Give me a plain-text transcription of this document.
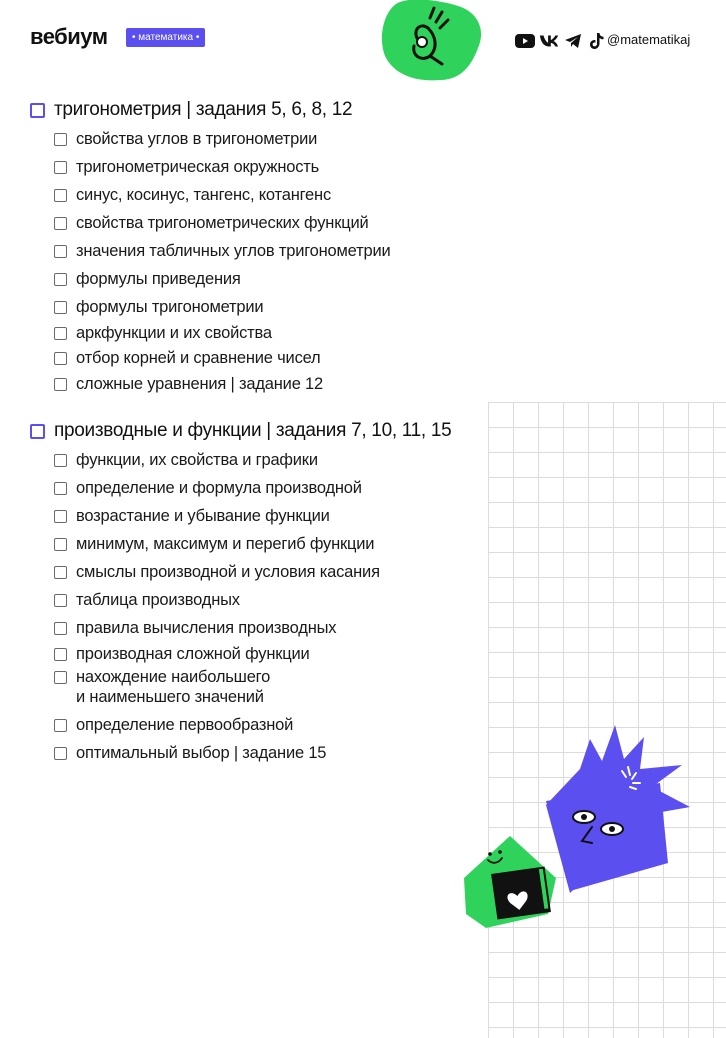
вебиум	• математика •	@matematikaj
тригонометрия | задания 5, 6, 8, 12
свойства углов в тригонометрии
тригонометрическая окружность
синус, косинус, тангенс, котангенс
свойства тригонометрических функций
значения табличных углов тригонометрии
формулы приведения
формулы тригонометрии
аркфункции и их свойства
отбор корней и сравнение чисел
сложные уравнения | задание 12
производные и функции | задания 7, 10, 11, 15
функции, их свойства и графики
определение и формула производной
возрастание и убывание функции
минимум, максимум и перегиб функции
смыслы производной и условия касания
таблица производных
правила вычисления производных
производная сложной функции
нахождение наибольшего
и наименьшего значений
определение первообразной
оптимальный выбор | задание 15
